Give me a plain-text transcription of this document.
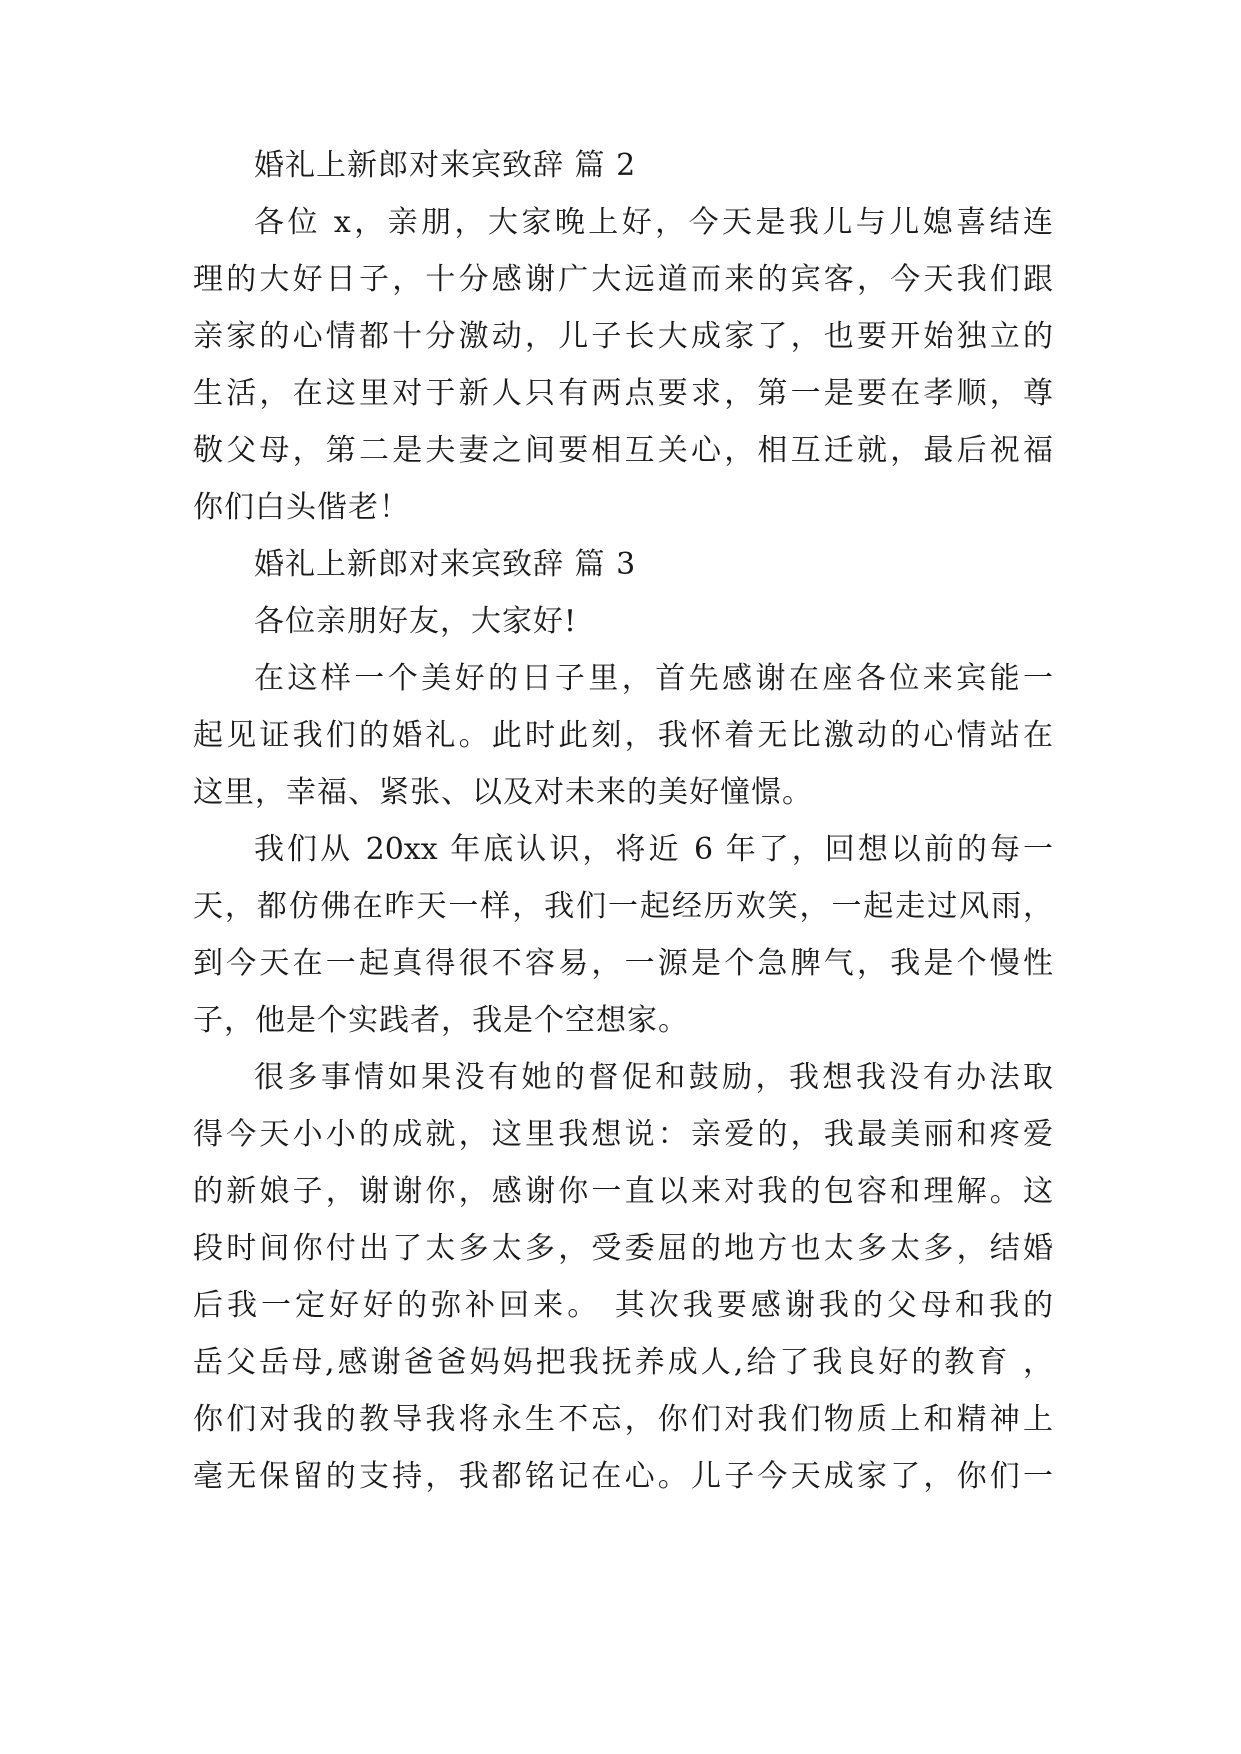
婚礼上新郎对来宾致辞 篇 2
各位 x，亲朋，大家晚上好，今天是我儿与儿媳喜结连
理的大好日子，十分感谢广大远道而来的宾客，今天我们跟
亲家的心情都十分激动，儿子长大成家了，也要开始独立的
生活，在这里对于新人只有两点要求，第一是要在孝顺，尊
敬父母，第二是夫妻之间要相互关心，相互迁就，最后祝福
你们白头偕老！
婚礼上新郎对来宾致辞 篇 3
各位亲朋好友，大家好!
在这样一个美好的日子里，首先感谢在座各位来宾能一
起见证我们的婚礼。此时此刻，我怀着无比激动的心情站在
这里，幸福、紧张、以及对未来的美好憧憬。
我们从 20xx 年底认识，将近 6 年了，回想以前的每一
天，都仿佛在昨天一样，我们一起经历欢笑，一起走过风雨，
到今天在一起真得很不容易，一源是个急脾气，我是个慢性
子，他是个实践者，我是个空想家。
很多事情如果没有她的督促和鼓励，我想我没有办法取
得今天小小的成就，这里我想说：亲爱的，我最美丽和疼爱
的新娘子，谢谢你，感谢你一直以来对我的包容和理解。这
段时间你付出了太多太多，受委屈的地方也太多太多，结婚
后我一定好好的弥补回来。 其次我要感谢我的父母和我的
岳父岳母,感谢爸爸妈妈把我抚养成人,给了我良好的教育 ，
你们对我的教导我将永生不忘，你们对我们物质上和精神上
毫无保留的支持，我都铭记在心。儿子今天成家了，你们一
